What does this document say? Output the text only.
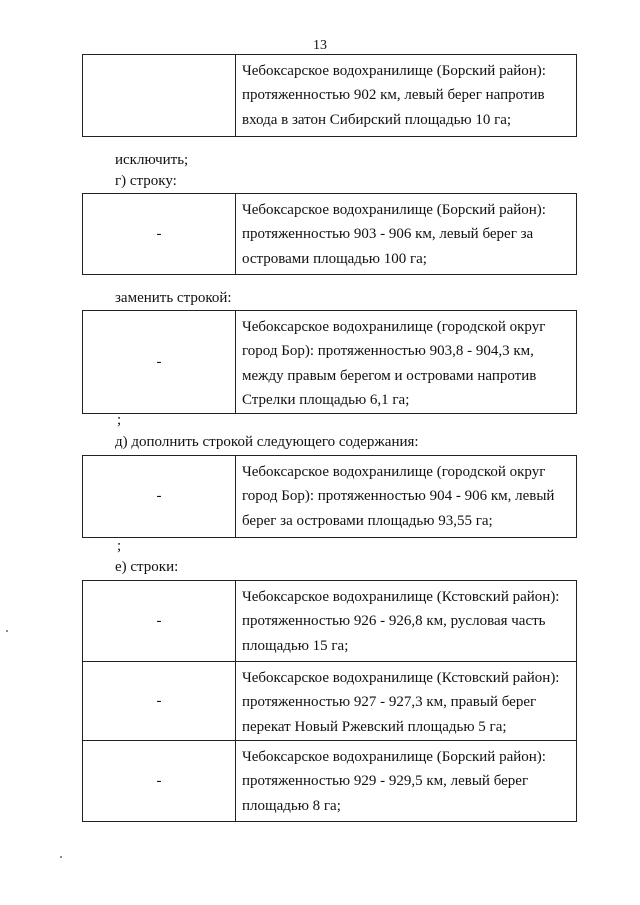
13
Чебоксарское водохранилище (Борский район):
протяженностью 902 км, левый берег напротив
входа в затон Сибирский площадью 10 га;
исключить;
г) строку:
-
Чебоксарское водохранилище (Борский район):
протяженностью 903 - 906 км, левый берег за
островами площадью 100 га;
заменить строкой:
-
Чебоксарское водохранилище (городской округ
город Бор): протяженностью 903,8 - 904,3 км,
между правым берегом и островами напротив
Стрелки площадью 6,1 га;
;
д) дополнить строкой следующего содержания:
-
Чебоксарское водохранилище (городской округ
город Бор): протяженностью 904 - 906 км, левый
берег за островами площадью 93,55 га;
;
е) строки:
-
Чебоксарское водохранилище (Кстовский район):
протяженностью 926 - 926,8 км, русловая часть
площадью 15 га;
-
Чебоксарское водохранилище (Кстовский район):
протяженностью 927 - 927,3 км, правый берег
перекат Новый Ржевский площадью 5 га;
-
Чебоксарское водохранилище (Борский район):
протяженностью 929 - 929,5 км, левый берег
площадью 8 га;
